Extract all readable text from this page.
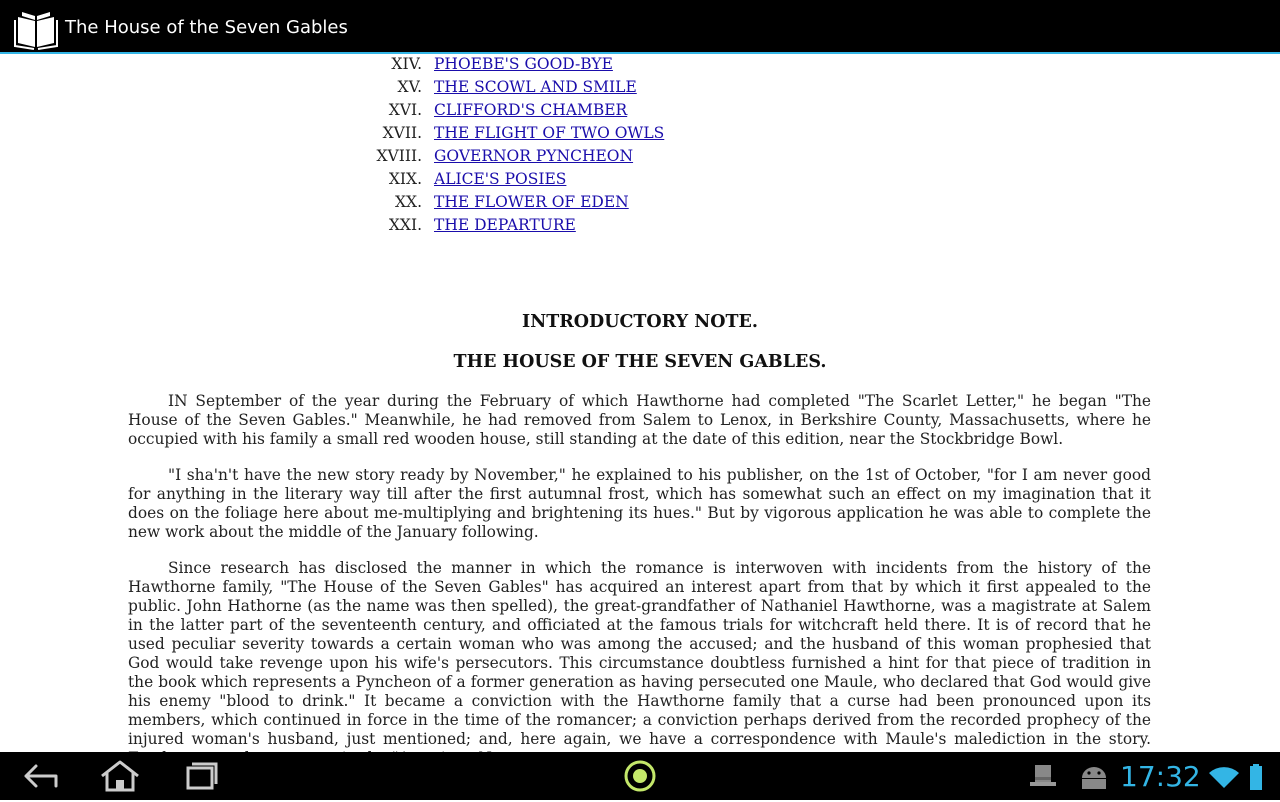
The House of the Seven Gables
XIV. PHOEBE'S GOOD-BYE
XV. THE SCOWL AND SMILE
XVI. CLIFFORD'S CHAMBER
XVII. THE FLIGHT OF TWO OWLS
XVIII. GOVERNOR PYNCHEON
XIX. ALICE'S POSIES
XX. THE FLOWER OF EDEN
XXI. THE DEPARTURE
INTRODUCTORY NOTE.
THE HOUSE OF THE SEVEN GABLES.

IN September of the year during the February of which Hawthorne had completed "The Scarlet Letter," he began "The House of the Seven Gables." Meanwhile, he had removed from Salem to Lenox, in Berkshire County, Massachusetts, where he occupied with his family a small red wooden house, still standing at the date of this edition, near the Stockbridge Bowl.

"I sha'n't have the new story ready by November," he explained to his publisher, on the 1st of October, "for I am never good for anything in the literary way till after the first autumnal frost, which has somewhat such an effect on my imagination that it does on the foliage here about me-multiplying and brightening its hues." But by vigorous application he was able to complete the new work about the middle of the January following.

Since research has disclosed the manner in which the romance is interwoven with incidents from the history of the Hawthorne family, "The House of the Seven Gables" has acquired an interest apart from that by which it first appealed to the public. John Hathorne (as the name was then spelled), the great-grandfather of Nathaniel Hawthorne, was a magistrate at Salem in the latter part of the seventeenth century, and officiated at the famous trials for witchcraft held there. It is of record that he used peculiar severity towards a certain woman who was among the accused; and the husband of this woman prophesied that God would take revenge upon his wife's persecutors. This circumstance doubtless furnished a hint for that piece of tradition in the book which represents a Pyncheon of a former generation as having persecuted one Maule, who declared that God would give his enemy "blood to drink." It became a conviction with the Hawthorne family that a curse had been pronounced upon its members, which continued in force in the time of the romancer; a conviction perhaps derived from the recorded prophecy of the injured woman's husband, just mentioned; and, here again, we have a correspondence with Maule's malediction in the story.

17:32
